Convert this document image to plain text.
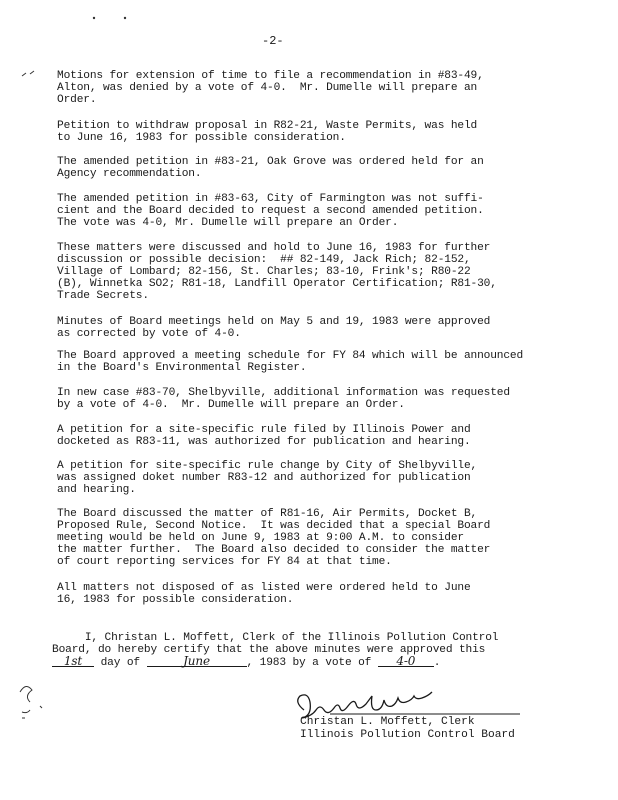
-2-
Motions for extension of time to file a recommendation in #83-49,
Alton, was denied by a vote of 4-0.  Mr. Dumelle will prepare an
Order.
Petition to withdraw proposal in R82-21, Waste Permits, was held
to June 16, 1983 for possible consideration.
The amended petition in #83-21, Oak Grove was ordered held for an
Agency recommendation.
The amended petition in #83-63, City of Farmington was not suffi-
cient and the Board decided to request a second amended petition.
The vote was 4-0, Mr. Dumelle will prepare an Order.
These matters were discussed and hold to June 16, 1983 for further
discussion or possible decision:  ## 82-149, Jack Rich; 82-152,
Village of Lombard; 82-156, St. Charles; 83-10, Frink's; R80-22
(B), Winnetka SO2; R81-18, Landfill Operator Certification; R81-30,
Trade Secrets.
Minutes of Board meetings held on May 5 and 19, 1983 were approved
as corrected by vote of 4-0.
The Board approved a meeting schedule for FY 84 which will be announced
in the Board's Environmental Register.
In new case #83-70, Shelbyville, additional information was requested
by a vote of 4-0.  Mr. Dumelle will prepare an Order.
A petition for a site-specific rule filed by Illinois Power and
docketed as R83-11, was authorized for publication and hearing.
A petition for site-specific rule change by City of Shelbyville,
was assigned doket number R83-12 and authorized for publication
and hearing.
The Board discussed the matter of R81-16, Air Permits, Docket B,
Proposed Rule, Second Notice.  It was decided that a special Board
meeting would be held on June 9, 1983 at 9:00 A.M. to consider
the matter further.  The Board also decided to consider the matter
of court reporting services for FY 84 at that time.
All matters not disposed of as listed were ordered held to June
16, 1983 for possible consideration.
I, Christan L. Moffett, Clerk of the Illinois Pollution Control
Board, do hereby certify that the above minutes were approved this
1st day of	June	, 1983 by a vote of 4-0 .
Christan L. Moffett, Clerk
Illinois Pollution Control Board
